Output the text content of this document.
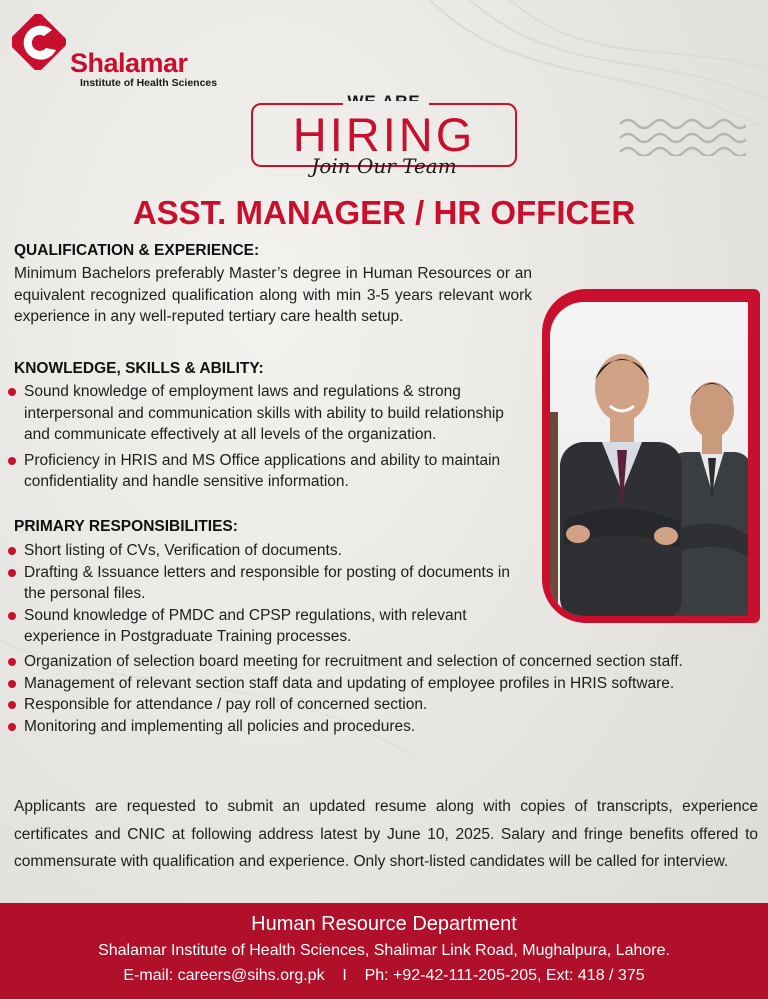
Shalamar
Institute of Health Sciences
HIRING
Join Our Team
ASST. MANAGER / HR OFFICER
QUALIFICATION & EXPERIENCE:
Minimum Bachelors preferably Master’s degree in Human Resources or an equivalent recognized qualification along with min 3-5 years relevant work experience in any well-reputed tertiary care health setup.
KNOWLEDGE, SKILLS & ABILITY:
Sound knowledge of employment laws and regulations & strong interpersonal and communication skills with ability to build relationship and communicate effectively at all levels of the organization.
Proficiency in HRIS and MS Office applications and ability to maintain confidentiality and handle sensitive information.
PRIMARY RESPONSIBILITIES:
Short listing of CVs, Verification of documents.
Drafting & Issuance letters and responsible for posting of documents in the personal files.
Sound knowledge of PMDC and CPSP regulations, with relevant experience in Postgraduate Training processes.
Organization of selection board meeting for recruitment and selection of concerned section staff.
Management of relevant section staff data and updating of employee profiles in HRIS software.
Responsible for attendance / pay roll of concerned section.
Monitoring and implementing all policies and procedures.
Applicants are requested to submit an updated resume along with copies of transcripts, experience certificates and CNIC at following address latest by June 10, 2025. Salary and fringe benefits offered to commensurate with qualification and experience. Only short-listed candidates will be called for interview.
Human Resource Department
Shalamar Institute of Health Sciences, Shalimar Link Road, Mughalpura, Lahore.
E-mail: careers@sihs.org.pk    I    Ph: +92-42-111-205-205, Ext: 418 / 375
